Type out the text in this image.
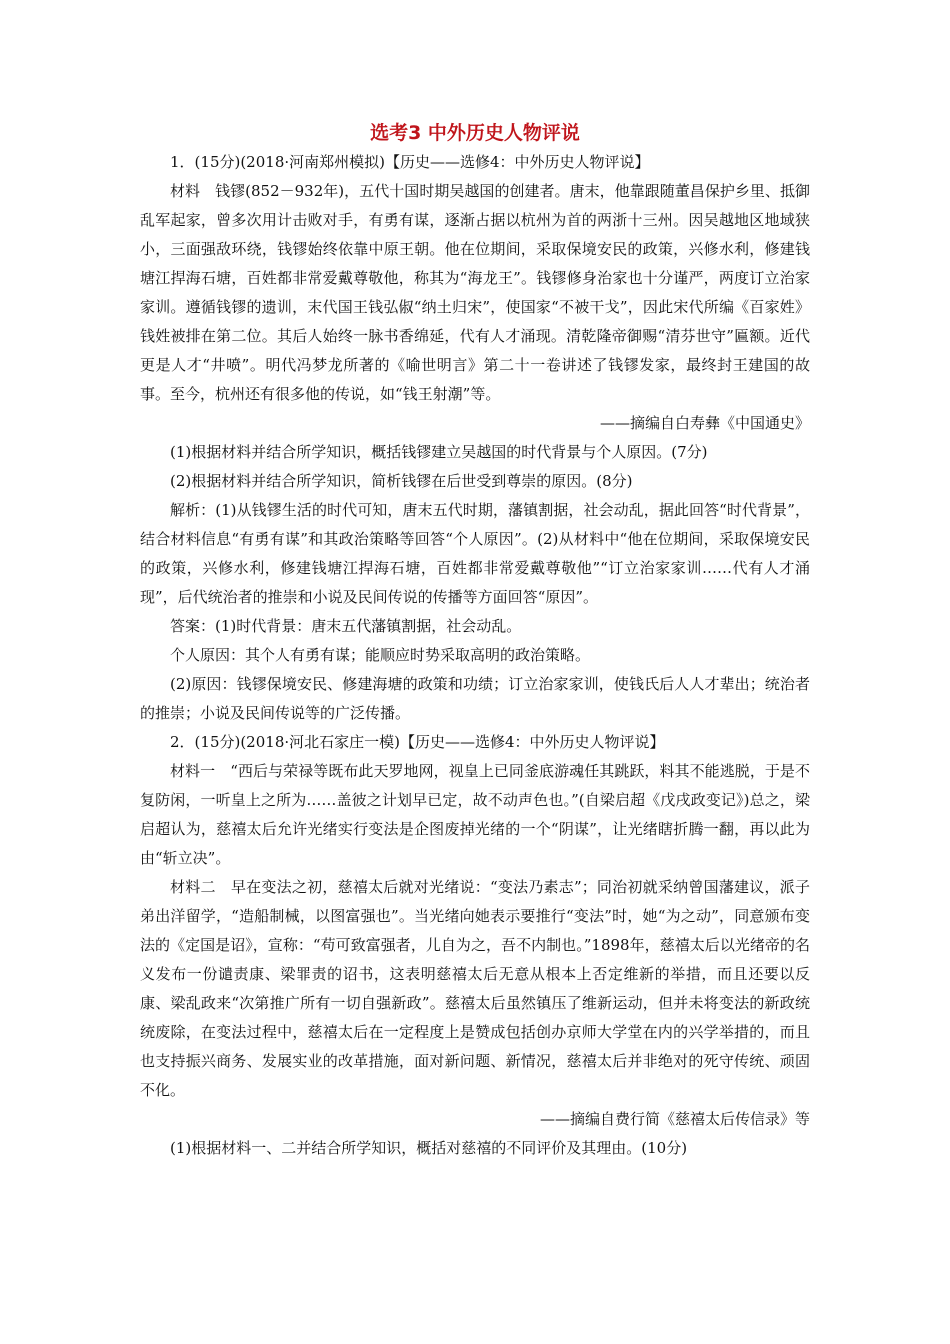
选考3 中外历史人物评说

1．(15分)(2018·河南郑州模拟)【历史——选修4：中外历史人物评说】

材料　钱镠(852－932年)，五代十国时期吴越国的创建者。唐末，他靠跟随董昌保护乡里、抵御乱军起家，曾多次用计击败对手，有勇有谋，逐渐占据以杭州为首的两浙十三州。因吴越地区地域狭小，三面强敌环绕，钱镠始终依靠中原王朝。他在位期间，采取保境安民的政策，兴修水利，修建钱塘江捍海石塘，百姓都非常爱戴尊敬他，称其为“海龙王”。钱镠修身治家也十分谨严，两度订立治家家训。遵循钱镠的遗训，末代国王钱弘俶“纳土归宋”，使国家“不被干戈”，因此宋代所编《百家姓》钱姓被排在第二位。其后人始终一脉书香绵延，代有人才涌现。清乾隆帝御赐“清芬世守”匾额。近代更是人才“井喷”。明代冯梦龙所著的《喻世明言》第二十一卷讲述了钱镠发家，最终封王建国的故事。至今，杭州还有很多他的传说，如“钱王射潮”等。

——摘编自白寿彝《中国通史》

(1)根据材料并结合所学知识，概括钱镠建立吴越国的时代背景与个人原因。(7分)

(2)根据材料并结合所学知识，简析钱镠在后世受到尊崇的原因。(8分)

解析：(1)从钱镠生活的时代可知，唐末五代时期，藩镇割据，社会动乱，据此回答“时代背景”，结合材料信息“有勇有谋”和其政治策略等回答“个人原因”。(2)从材料中“他在位期间，采取保境安民的政策，兴修水利，修建钱塘江捍海石塘，百姓都非常爱戴尊敬他”“订立治家家训……代有人才涌现”，后代统治者的推崇和小说及民间传说的传播等方面回答“原因”。

答案：(1)时代背景：唐末五代藩镇割据，社会动乱。

个人原因：其个人有勇有谋；能顺应时势采取高明的政治策略。

(2)原因：钱镠保境安民、修建海塘的政策和功绩；订立治家家训，使钱氏后人人才辈出；统治者的推崇；小说及民间传说等的广泛传播。

2．(15分)(2018·河北石家庄一模)【历史——选修4：中外历史人物评说】

材料一　“西后与荣禄等既布此天罗地网，视皇上已同釜底游魂任其跳跃，料其不能逃脱，于是不复防闲，一听皇上之所为……盖彼之计划早已定，故不动声色也。”(自梁启超《戊戌政变记》)总之，梁启超认为，慈禧太后允许光绪实行变法是企图废掉光绪的一个“阴谋”，让光绪瞎折腾一翻，再以此为由“斩立决”。

材料二　早在变法之初，慈禧太后就对光绪说：“变法乃素志”；同治初就采纳曾国藩建议，派子弟出洋留学，“造船制械，以图富强也”。当光绪向她表示要推行“变法”时，她“为之动”，同意颁布变法的《定国是诏》，宣称：“苟可致富强者，儿自为之，吾不内制也。”1898年，慈禧太后以光绪帝的名义发布一份谴责康、梁罪责的诏书，这表明慈禧太后无意从根本上否定维新的举措，而且还要以反康、梁乱政来“次第推广所有一切自强新政”。慈禧太后虽然镇压了维新运动，但并未将变法的新政统统废除，在变法过程中，慈禧太后在一定程度上是赞成包括创办京师大学堂在内的兴学举措的，而且也支持振兴商务、发展实业的改革措施，面对新问题、新情况，慈禧太后并非绝对的死守传统、顽固不化。

——摘编自费行简《慈禧太后传信录》等

(1)根据材料一、二并结合所学知识，概括对慈禧的不同评价及其理由。(10分)
